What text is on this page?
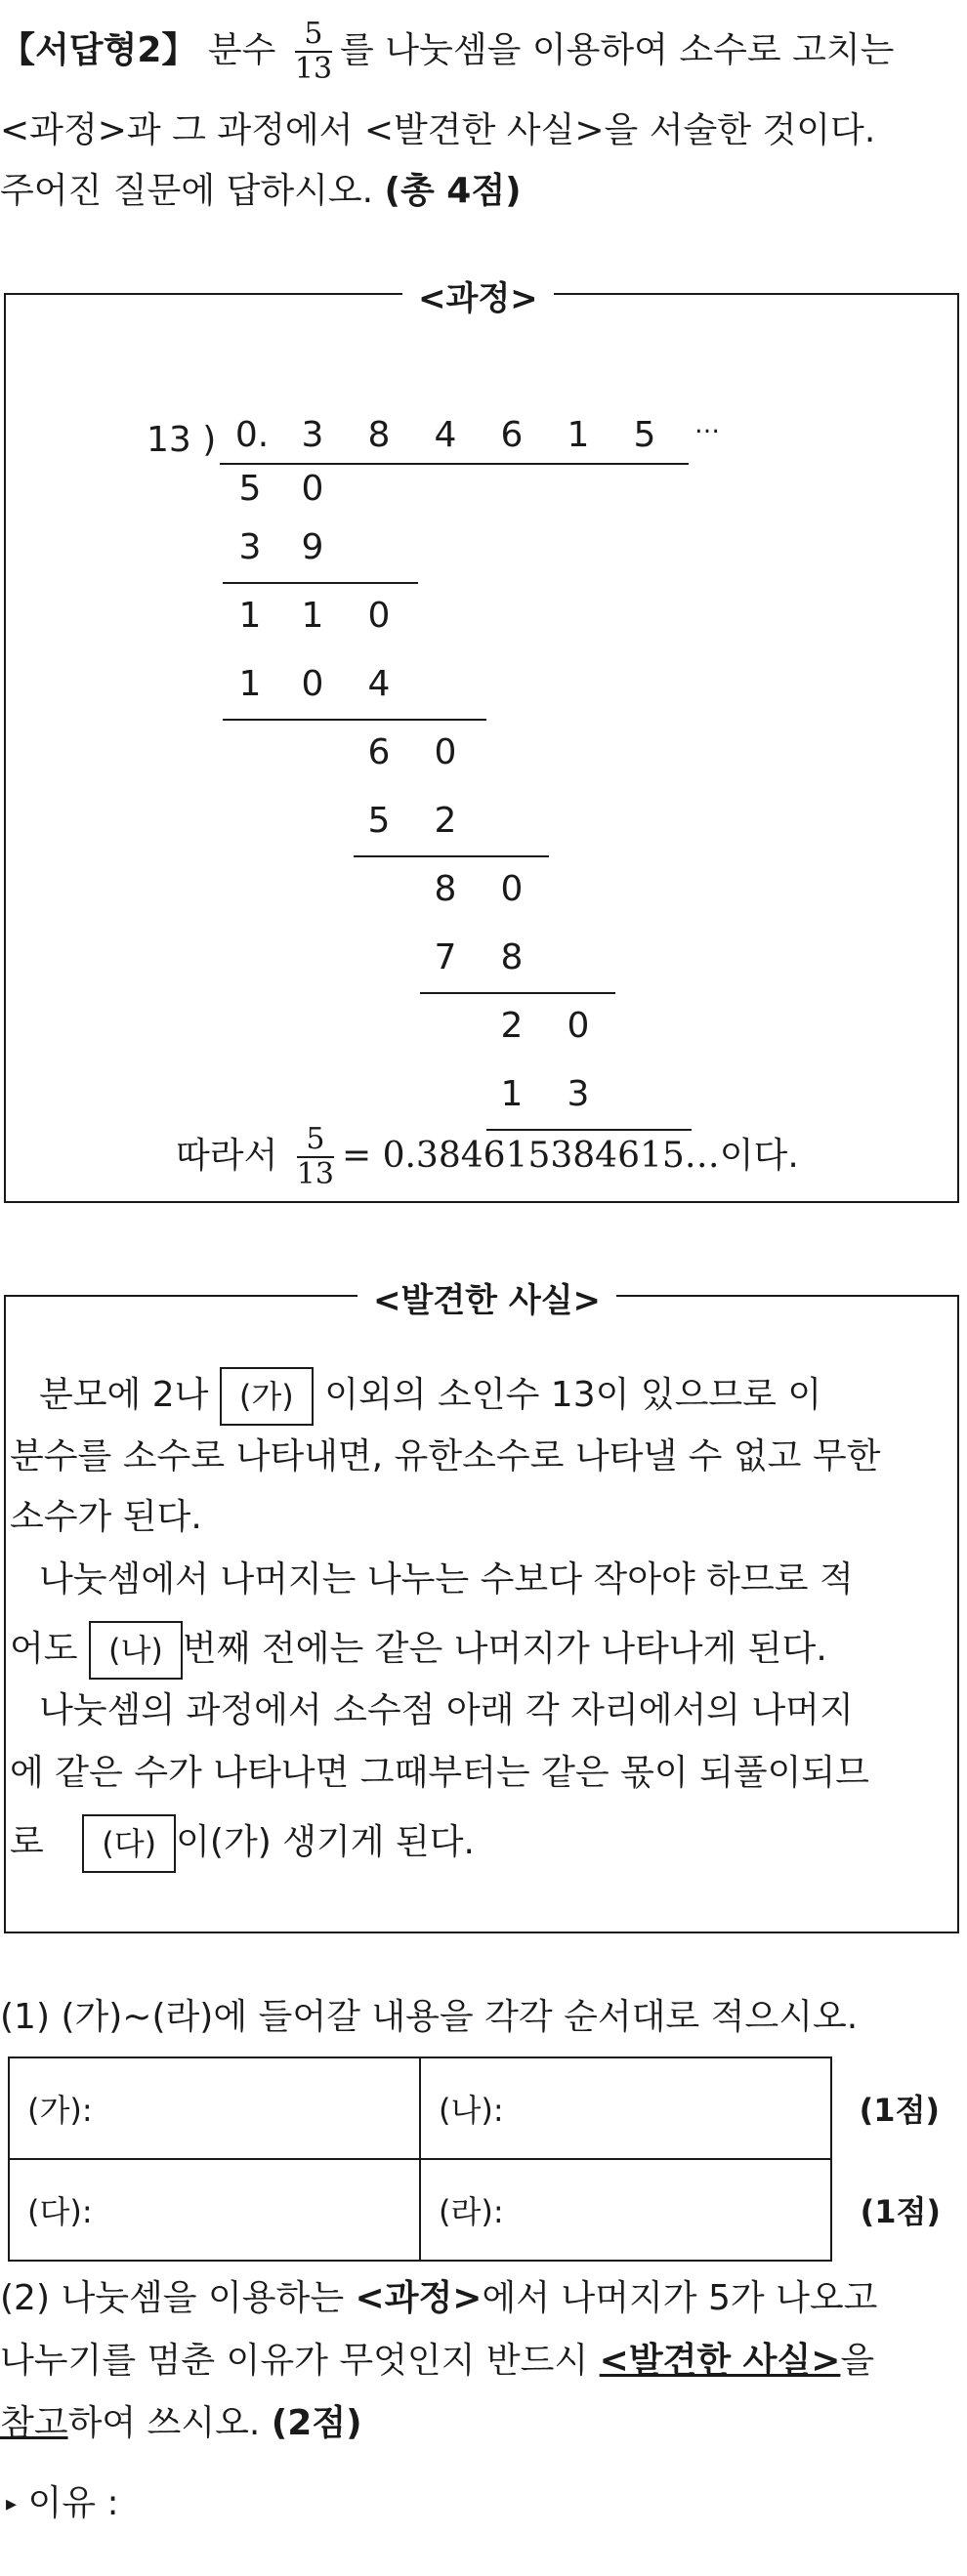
【서답형2】 분수 $\frac{5}{13}$ 를 나눗셈을 이용하여 소수로 고치는
<과정>과 그 과정에서 <발견한 사실>을 서술한 것이다.
주어진 질문에 답하시오. (총 4점)
<과정>
0. 3 8 4 6 1 5	…
13 )
5 0
3 9
1 1 0
1 0 4
6 0
5 2
8 0
7 8
2 0
1 3
따라서 $\frac{5}{13}$ = 0.384615384615…이다.
<발견한 사실>
분모에 2나 (가) 이외의 소인수 13이 있으므로 이
분수를 소수로 나타내면, 유한소수로 나타낼 수 없고 무한
소수가 된다.
나눗셈에서 나머지는 나누는 수보다 작아야 하므로 적
어도 (나) 번째 전에는 같은 나머지가 나타나게 된다.
나눗셈의 과정에서 소수점 아래 각 자리에서의 나머지
에 같은 수가 나타나면 그때부터는 같은 몫이 되풀이되므
로 (다) 이(가) 생기게 된다.
(1) (가)~(라)에 들어갈 내용을 각각 순서대로 적으시오.
(가):	(나):	(1점)
(다):	(라):	(1점)
(2) 나눗셈을 이용하는 <과정>에서 나머지가 5가 나오고
나누기를 멈춘 이유가 무엇인지 반드시 <발견한 사실>을
참고하여 쓰시오. (2점)
▸ 이유 :
